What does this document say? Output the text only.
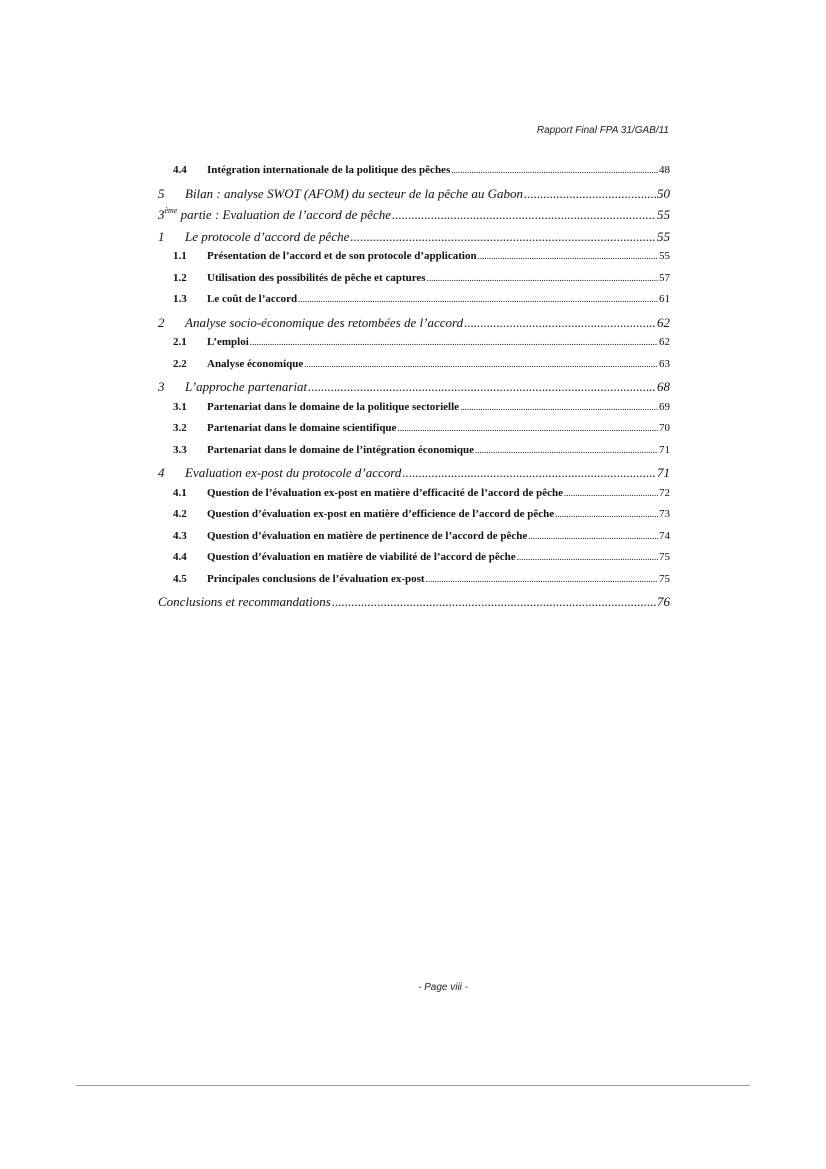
Rapport Final FPA 31/GAB/11
4.4	Intégration internationale de la politique des pêches .....	48
5	Bilan : analyse SWOT (AFOM) du secteur de la pêche au Gabon .....	50
3ème partie : Evaluation de l’accord de pêche .....	55
1	Le protocole d’accord de pêche .....	55
1.1	Présentation de l’accord et de son protocole d’application .....	55
1.2	Utilisation des possibilités de pêche et captures .....	57
1.3	Le coût de l’accord .....	61
2	Analyse socio-économique des retombées de l’accord .....	62
2.1	L’emploi .....	62
2.2	Analyse économique .....	63
3	L’approche partenariat .....	68
3.1	Partenariat dans le domaine de la politique sectorielle .....	69
3.2	Partenariat dans le domaine scientifique .....	70
3.3	Partenariat dans le domaine de l’intégration économique .....	71
4	Evaluation ex-post du protocole d’accord .....	71
4.1	Question de l’évaluation ex-post en matière d’efficacité de l’accord de pêche .....	72
4.2	Question d’évaluation ex-post en matière d’efficience de l’accord de pêche .....	73
4.3	Question d’évaluation en matière de pertinence de l’accord de pêche .....	74
4.4	Question d’évaluation en matière de viabilité de l’accord de pêche .....	75
4.5	Principales conclusions de l’évaluation ex-post .....	75
Conclusions et recommandations .....	76
- Page viii -
